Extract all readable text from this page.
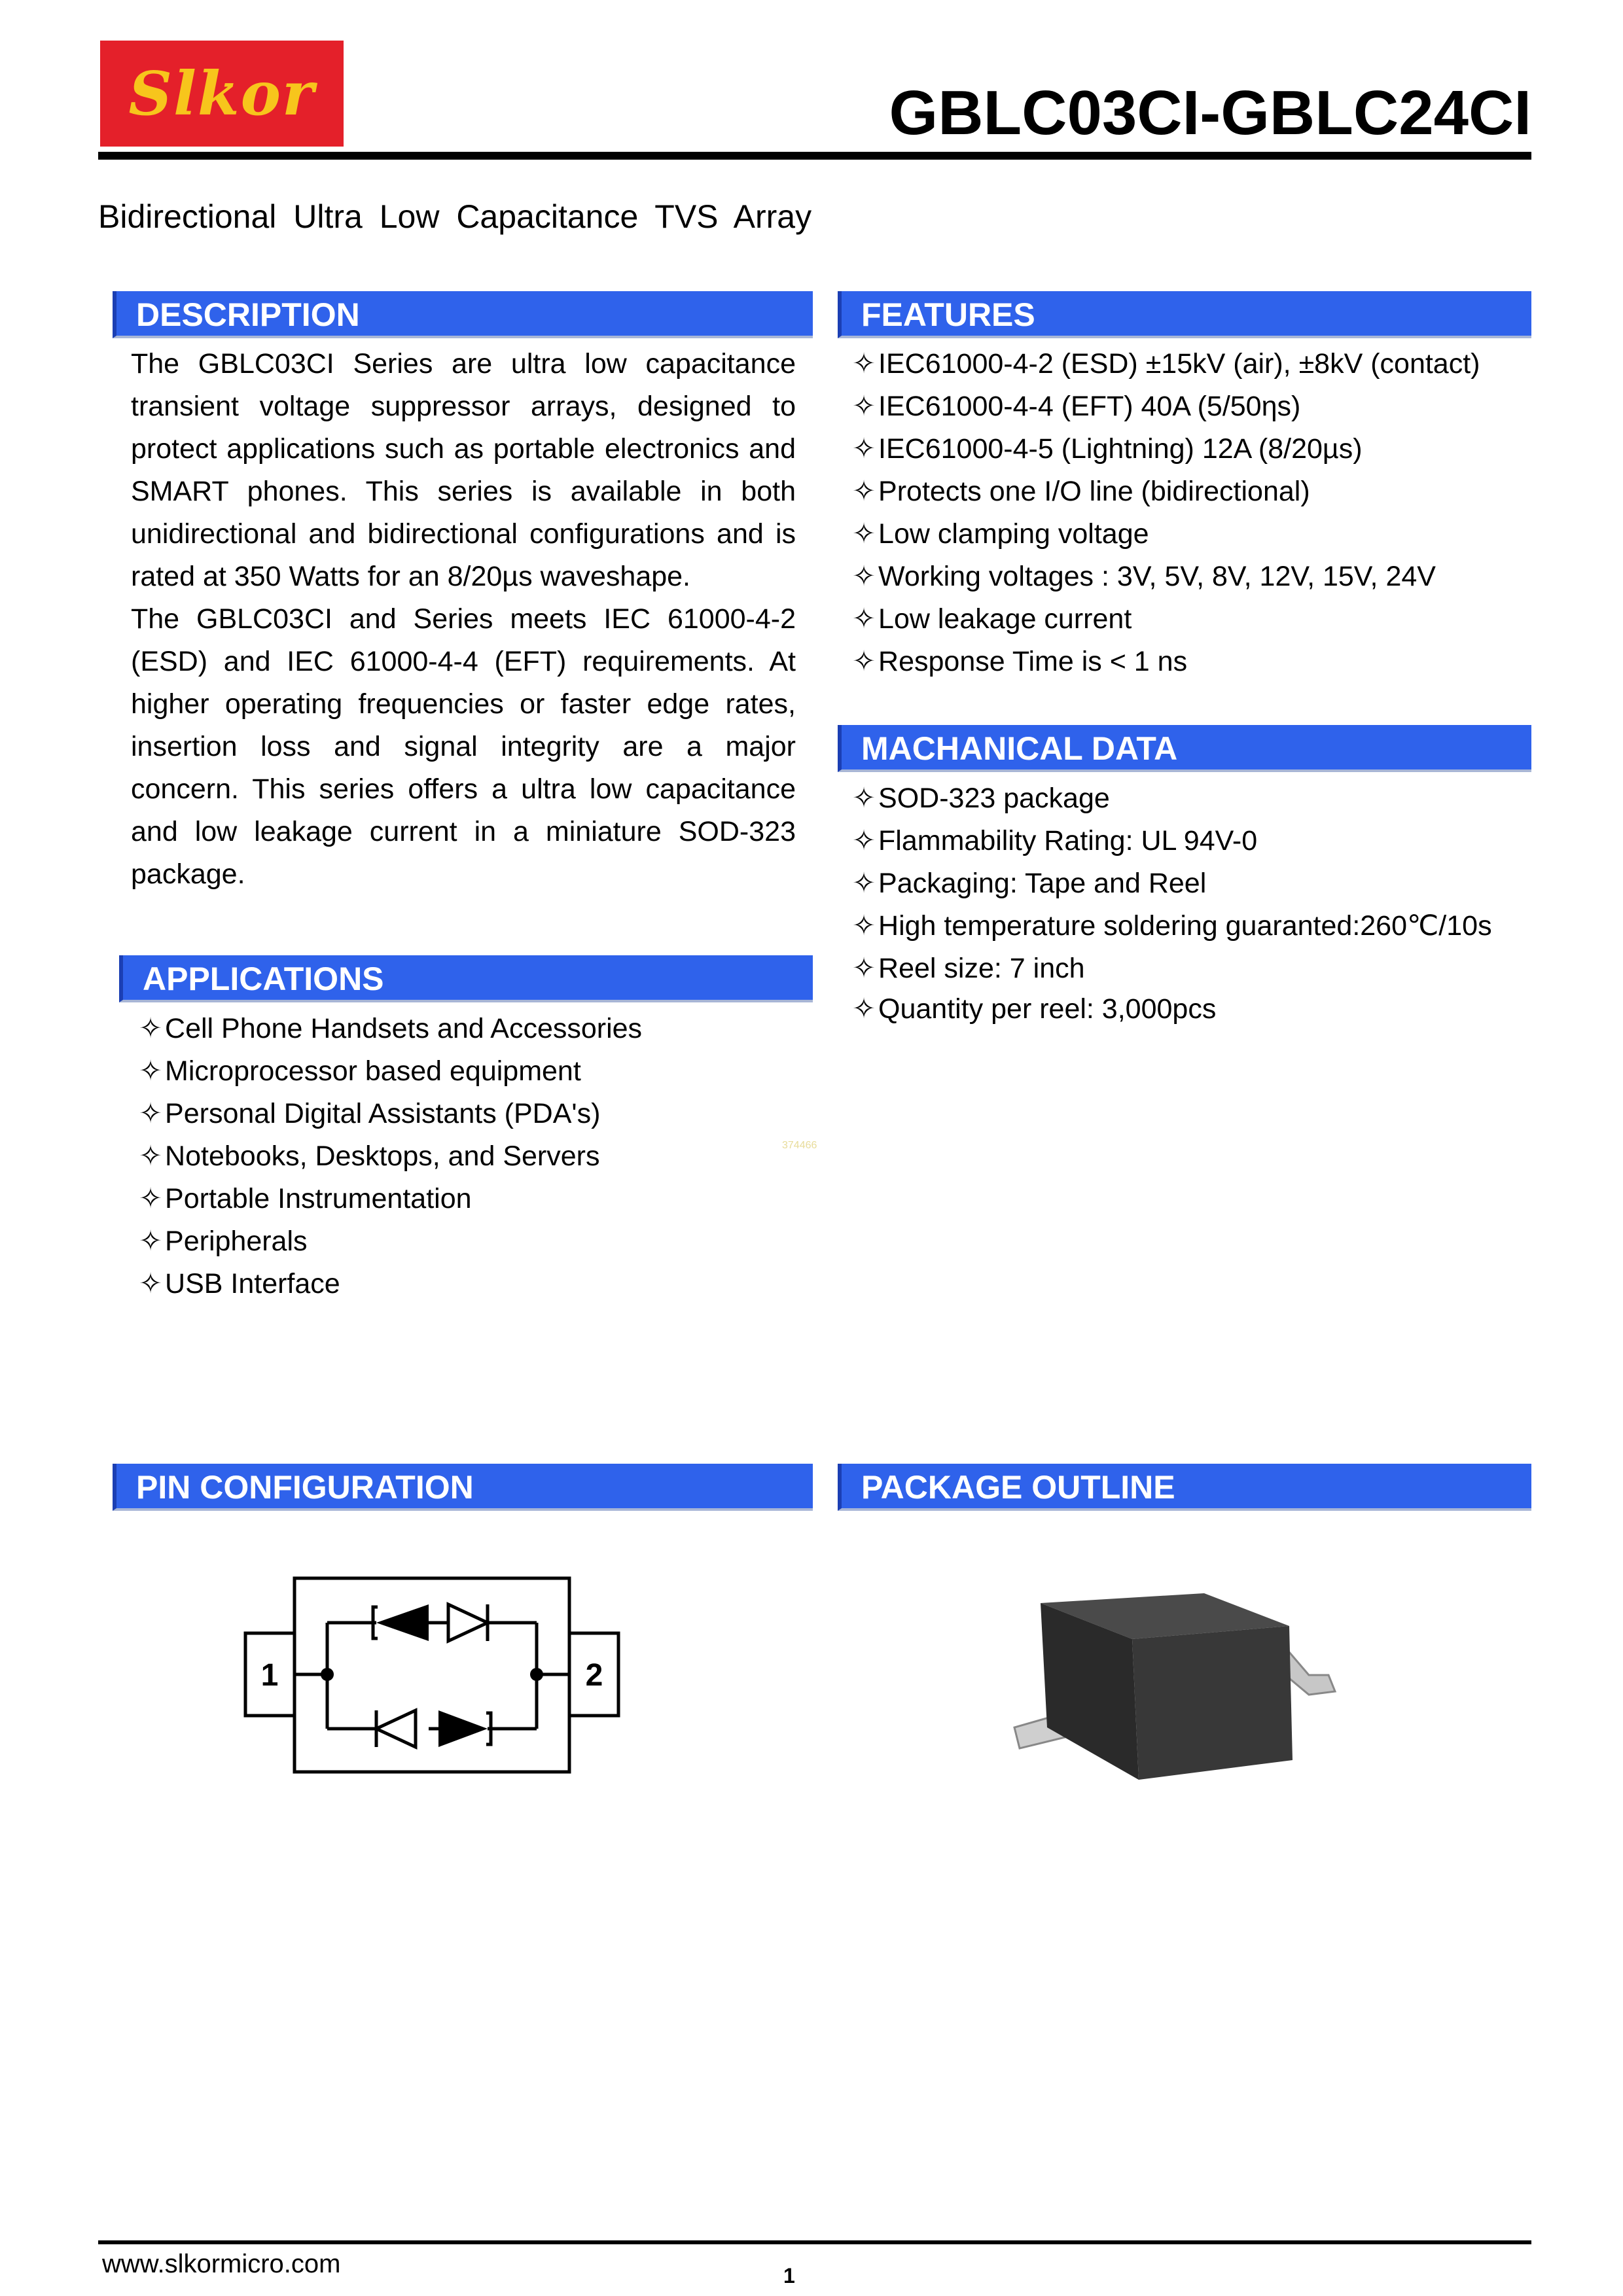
Slkor	GBLC03CI-GBLC24CI
Bidirectional Ultra Low Capacitance TVS Array
DESCRIPTION
The GBLC03CI Series are ultra low capacitance transient voltage suppressor arrays, designed to protect applications such as portable electronics and SMART phones. This series is available in both unidirectional and bidirectional configurations and is rated at 350 Watts for an 8/20µs waveshape.
The GBLC03CI and Series meets IEC 61000-4-2 (ESD) and IEC 61000-4-4 (EFT) requirements. At higher operating frequencies or faster edge rates, insertion loss and signal integrity are a major concern. This series offers a ultra low capacitance and low leakage current in a miniature SOD-323 package.
FEATURES
✧IEC61000-4-2 (ESD) ±15kV (air), ±8kV (contact)
✧IEC61000-4-4 (EFT) 40A (5/50ηs)
✧IEC61000-4-5 (Lightning) 12A (8/20µs)
✧Protects one I/O line (bidirectional)
✧Low clamping voltage
✧Working voltages : 3V, 5V, 8V, 12V, 15V, 24V
✧Low leakage current
✧Response Time is < 1 ns
MACHANICAL DATA
✧SOD-323 package
✧Flammability Rating: UL 94V-0
✧Packaging: Tape and Reel
✧High temperature soldering guaranted:260℃/10s
✧Reel size: 7 inch
✧Quantity per reel: 3,000pcs
APPLICATIONS
✧Cell Phone Handsets and Accessories
✧Microprocessor based equipment
✧Personal Digital Assistants (PDA's)
✧Notebooks, Desktops, and Servers
✧Portable Instrumentation
✧Peripherals
✧USB Interface
374466
PIN CONFIGURATION
1	2
PACKAGE OUTLINE
www.slkormicro.com	1
